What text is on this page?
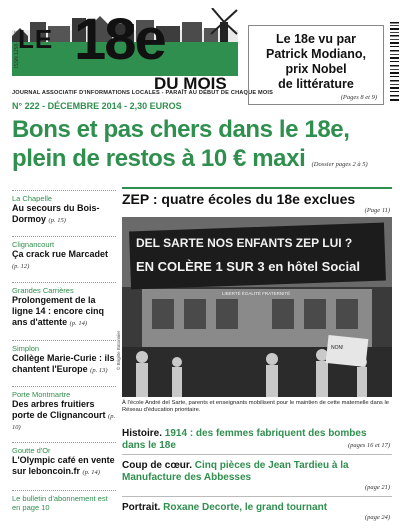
LE 18e
DU MOIS
ISSN 1258-0546
JOURNAL ASSOCIATIF D'INFORMATIONS LOCALES - PARAÎT AU DÉBUT DE CHAQUE MOIS
N° 222 - DÉCEMBRE 2014 - 2,30 EUROS
Le 18e vu par
Patrick Modiano,
prix Nobel
de littérature
(Pages 8 et 9)
Bons et pas chers dans le 18e,
plein de restos à 10 € maxi (Dossier pages 2 à 5)
La Chapelle
Au secours du Bois-Dormoy (p. 15)
Clignancourt
Ça crack rue Marcadet (p. 12)
Grandes Carrières
Prolongement de la ligne 14 : encore cinq ans d'attente (p. 14)
Simplon
Collège Marie-Curie : ils chantent l'Europe (p. 13)
Porte Montmartre
Des arbres fruitiers porte de Clignancourt (p. 10)
Goutte d'Or
L'Olympic café en vente sur leboncoin.fr (p. 14)
Le bulletin d'abonnement est en page 10
ZEP : quatre écoles du 18e exclues
(Page 11)
DEL SARTE NOS ENFANTS ZEP LUI ?
EN COLÈRE 1 SUR 3 en hôtel Social
LIBERTÉ ÉGALITÉ FRATERNITÉ
NON!
© Brigitte Batonnier
À l'école André del Sarte, parents et enseignants mobilisent pour le maintien de cette maternelle dans le Réseau d'éducation prioritaire.
Histoire. 1914 : des femmes fabriquent des bombes dans le 18e	(pages 16 et 17)
Coup de cœur. Cinq pièces de Jean Tardieu à la Manufacture des Abbesses
(page 21)
Portrait. Roxane Decorte, le grand tournant
(page 24)
